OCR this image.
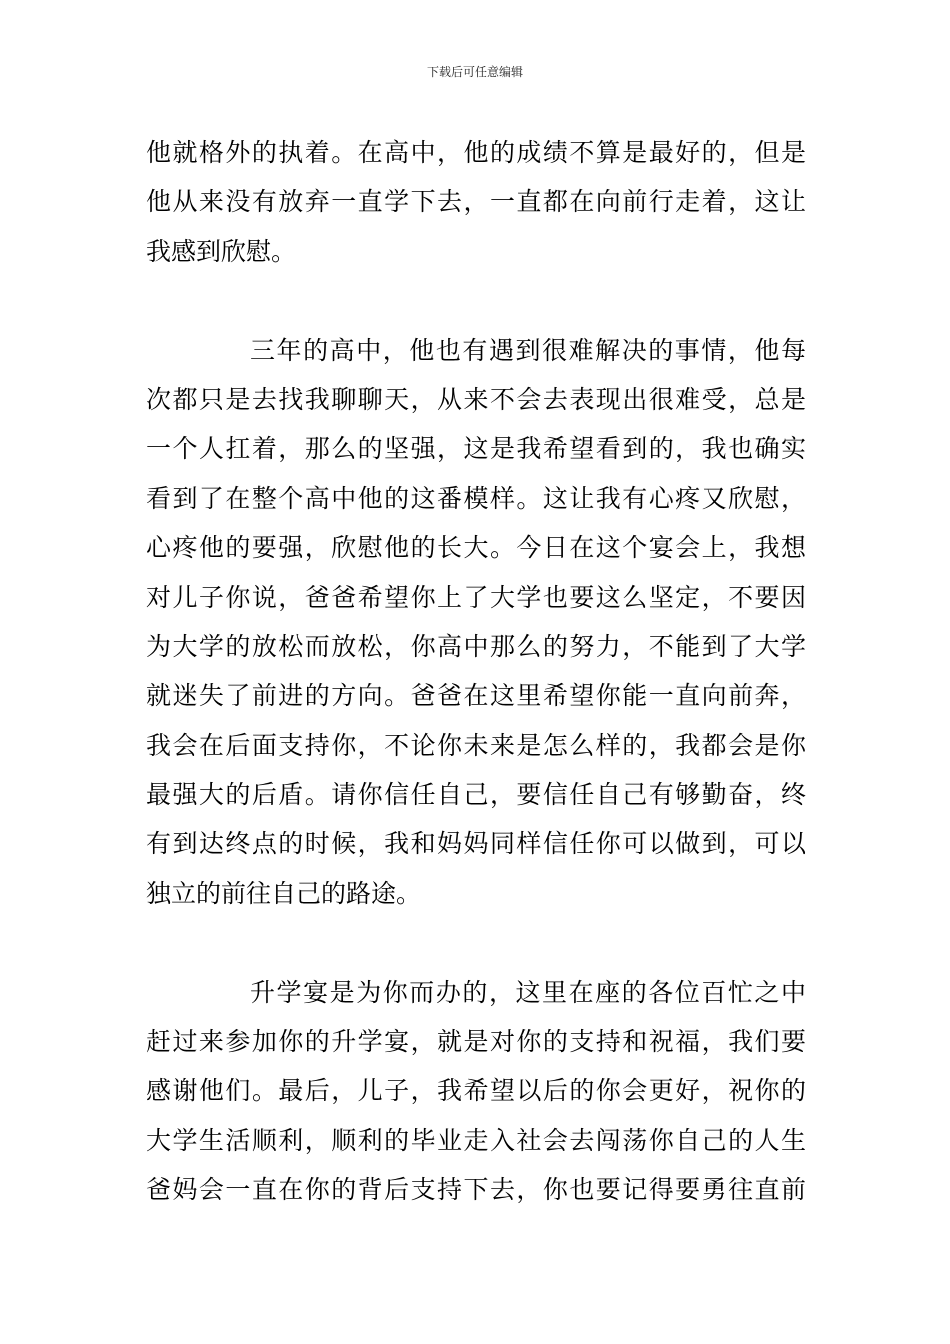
下载后可任意编辑
他就格外的执着。在高中，他的成绩不算是最好的，但是
他从来没有放弃一直学下去，一直都在向前行走着，这让
我感到欣慰。
三年的高中，他也有遇到很难解决的事情，他每
次都只是去找我聊聊天，从来不会去表现出很难受，总是
一个人扛着，那么的坚强，这是我希望看到的，我也确实
看到了在整个高中他的这番模样。这让我有心疼又欣慰，
心疼他的要强，欣慰他的长大。今日在这个宴会上，我想
对儿子你说，爸爸希望你上了大学也要这么坚定，不要因
为大学的放松而放松，你高中那么的努力，不能到了大学
就迷失了前进的方向。爸爸在这里希望你能一直向前奔，
我会在后面支持你，不论你未来是怎么样的，我都会是你
最强大的后盾。请你信任自己，要信任自己有够勤奋，终
有到达终点的时候，我和妈妈同样信任你可以做到，可以
独立的前往自己的路途。
升学宴是为你而办的，这里在座的各位百忙之中
赶过来参加你的升学宴，就是对你的支持和祝福，我们要
感谢他们。最后，儿子，我希望以后的你会更好，祝你的
大学生活顺利，顺利的毕业走入社会去闯荡你自己的人生
爸妈会一直在你的背后支持下去，你也要记得要勇往直前
